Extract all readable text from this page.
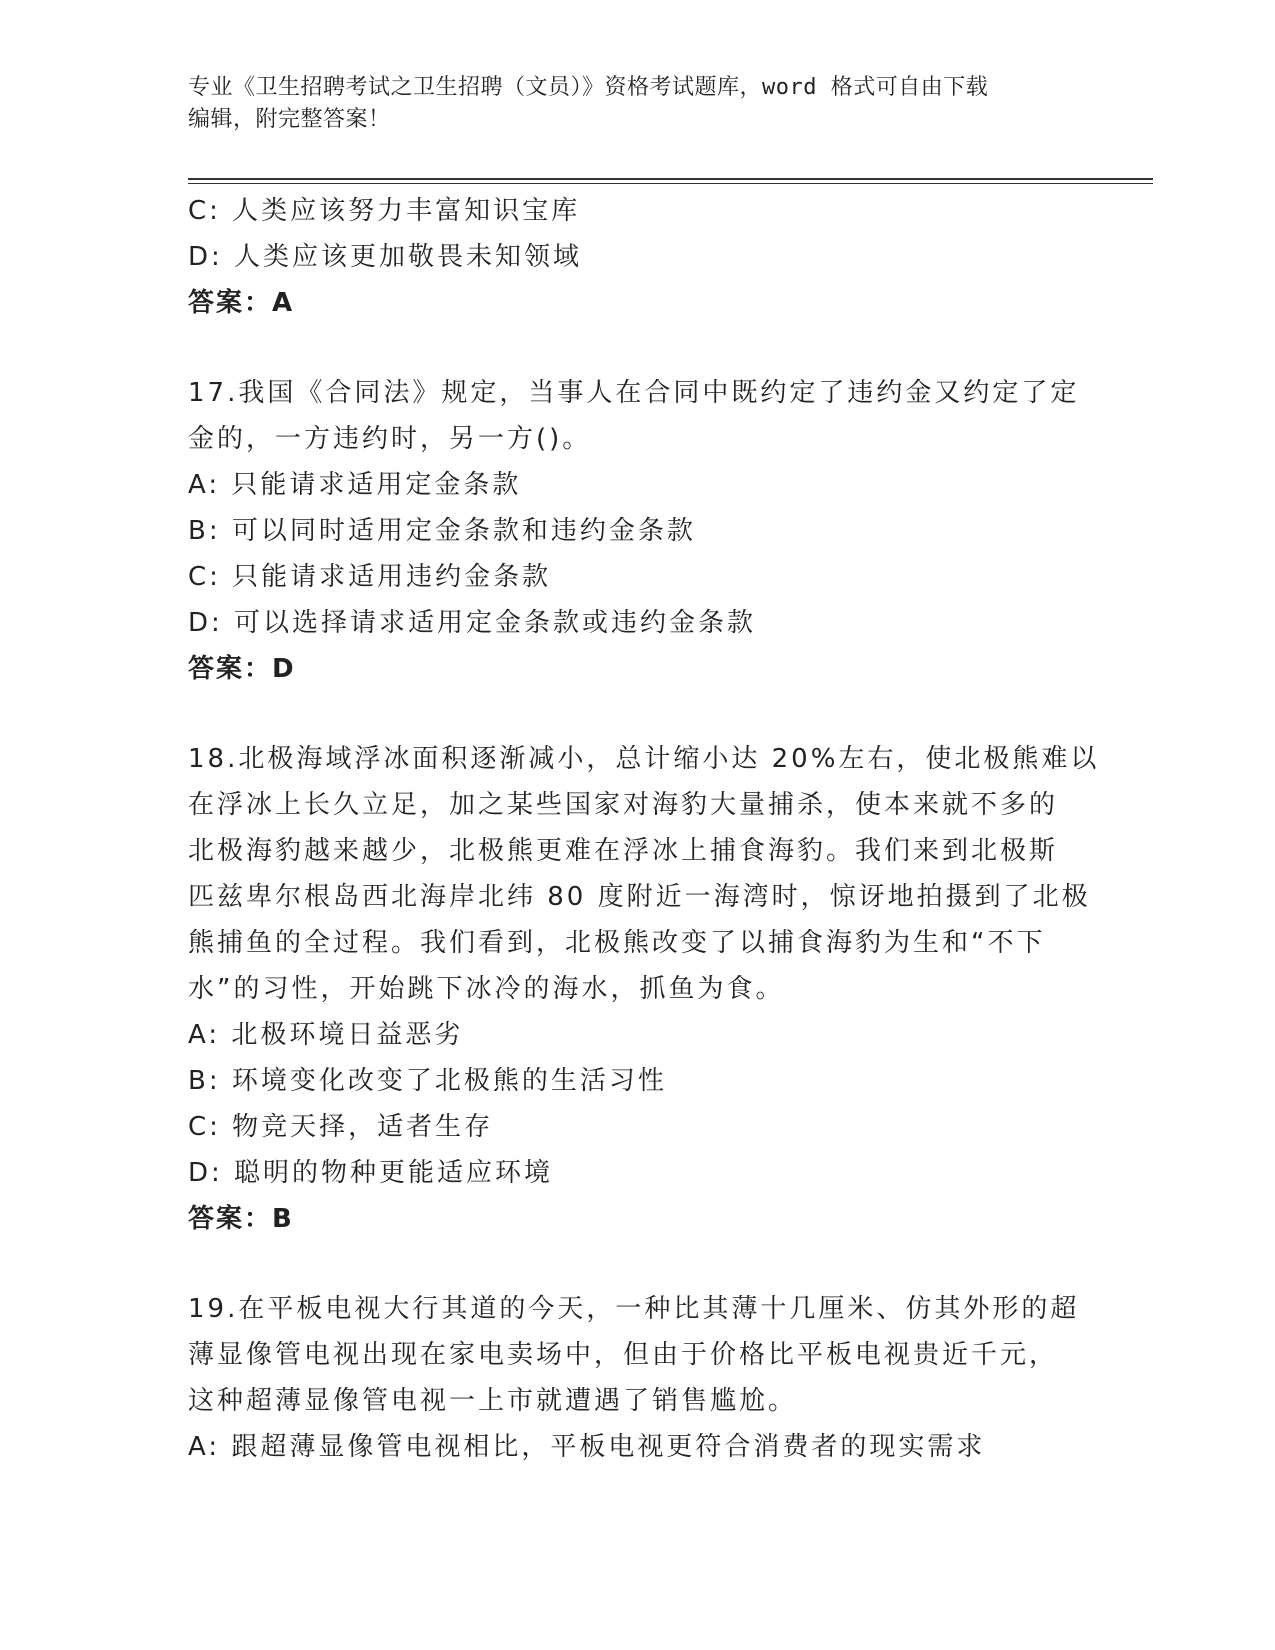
专业《卫生招聘考试之卫生招聘（文员）》资格考试题库，word 格式可自由下载
编辑，附完整答案！
C: 人类应该努力丰富知识宝库
D: 人类应该更加敬畏未知领域
答案：A
17.我国《合同法》规定，当事人在合同中既约定了违约金又约定了定
金的，一方违约时，另一方()。
A: 只能请求适用定金条款
B: 可以同时适用定金条款和违约金条款
C: 只能请求适用违约金条款
D: 可以选择请求适用定金条款或违约金条款
答案：D
18.北极海域浮冰面积逐渐减小，总计缩小达 20%左右，使北极熊难以
在浮冰上长久立足，加之某些国家对海豹大量捕杀，使本来就不多的
北极海豹越来越少，北极熊更难在浮冰上捕食海豹。我们来到北极斯
匹兹卑尔根岛西北海岸北纬 80 度附近一海湾时，惊讶地拍摄到了北极
熊捕鱼的全过程。我们看到，北极熊改变了以捕食海豹为生和“不下
水”的习性，开始跳下冰冷的海水，抓鱼为食。
A: 北极环境日益恶劣
B: 环境变化改变了北极熊的生活习性
C: 物竞天择，适者生存
D: 聪明的物种更能适应环境
答案：B
19.在平板电视大行其道的今天，一种比其薄十几厘米、仿其外形的超
薄显像管电视出现在家电卖场中，但由于价格比平板电视贵近千元，
这种超薄显像管电视一上市就遭遇了销售尴尬。
A: 跟超薄显像管电视相比，平板电视更符合消费者的现实需求
